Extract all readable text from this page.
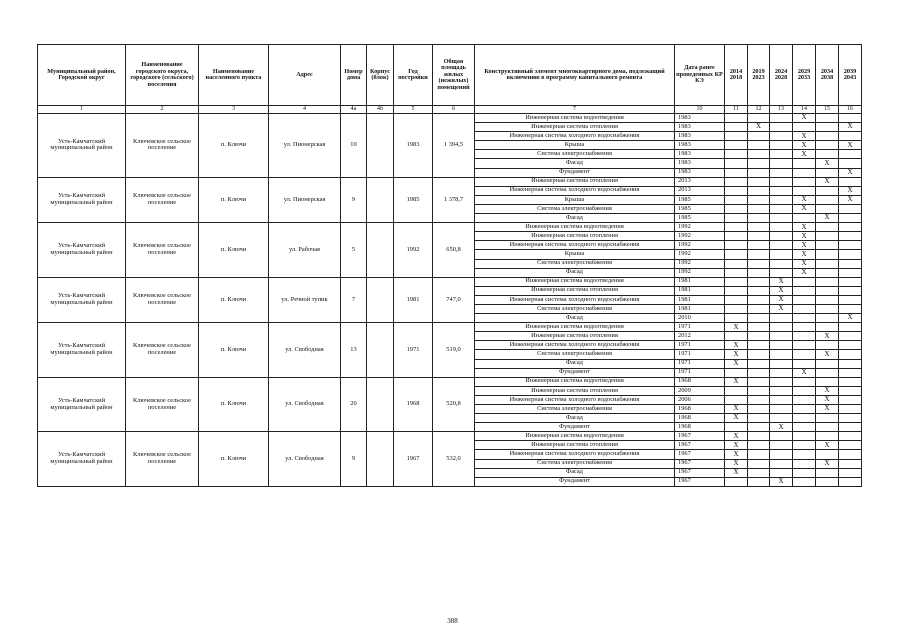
Муниципальный район, Городской округ	Наименование городского округа, городского (сельского) поселения	Наименование населенного пункта	Адрес	Номер дома	Корпус (блок)	Год постройки	Общая площадь жилых (нежилых) помещений	Конструктивный элемент многоквартирного дома, подлежащий включению в программу капитального ремонта	Дата ранее проведенных КР КЭ	2014 2018	2019 2023	2024 2028	2029 2033	2034 2038	2039 2043
1	2	3	4	4а	4б	5	6	7	10	11	12	13	14	15	16
Усть-Камчатский муниципальный район	Ключевское сельское поселение	п. Ключи	ул. Пионерская	10		1983	1 394,5	Инженерная система водоотведения	1983				X		
								Инженерная система отопления	1983		X				X
								Инженерная система холодного водоснабжения	1983				X		
								Крыша	1983				X		X
								Система электроснабжения	1983				X		
								Фасад	1983					X	
								Фундамент	1983						X
Усть-Камчатский муниципальный район	Ключевское сельское поселение	п. Ключи	ул. Пионерская	9		1985	1 378,7	Инженерная система отопления	2013					X	
								Инженерная система холодного водоснабжения	2013						X
								Крыша	1985				X		X
								Система электроснабжения	1985				X		
								Фасад	1985					X	
Усть-Камчатский муниципальный район	Ключевское сельское поселение	п. Ключи	ул. Рабочая	5		1992	650,8	Инженерная система водоотведения	1992				X		
								Инженерная система отопления	1992				X		
								Инженерная система холодного водоснабжения	1992				X		
								Крыша	1992				X		
								Система электроснабжения	1992				X		
								Фасад	1992				X		
Усть-Камчатский муниципальный район	Ключевское сельское поселение	п. Ключи	ул. Речной тупик	7		1981	747,0	Инженерная система водоотведения	1981			X			
								Инженерная система отопления	1981			X			
								Инженерная система холодного водоснабжения	1981			X			
								Система электроснабжения	1981			X			
								Фасад	2010						X
Усть-Камчатский муниципальный район	Ключевское сельское поселение	п. Ключи	ул. Свободная	13		1971	519,0	Инженерная система водоотведения	1971	X					
								Инженерная система отопления	2012					X	
								Инженерная система холодного водоснабжения	1971	X					
								Система электроснабжения	1971	X				X	
								Фасад	1971	X					
								Фундамент	1971				X		
Усть-Камчатский муниципальный район	Ключевское сельское поселение	п. Ключи	ул. Свободная	20		1968	520,8	Инженерная система водоотведения	1968	X					
								Инженерная система отопления	2009					X	
								Инженерная система холодного водоснабжения	2006					X	
								Система электроснабжения	1968	X				X	
								Фасад	1968	X					
								Фундамент	1968			X			
Усть-Камчатский муниципальный район	Ключевское сельское поселение	п. Ключи	ул. Свободная	9		1967	532,0	Инженерная система водоотведения	1967	X					
								Инженерная система отопления	1967	X				X	
								Инженерная система холодного водоснабжения	1967	X					
								Система электроснабжения	1967	X				X	
								Фасад	1967	X					
								Фундамент	1967			X			
388
